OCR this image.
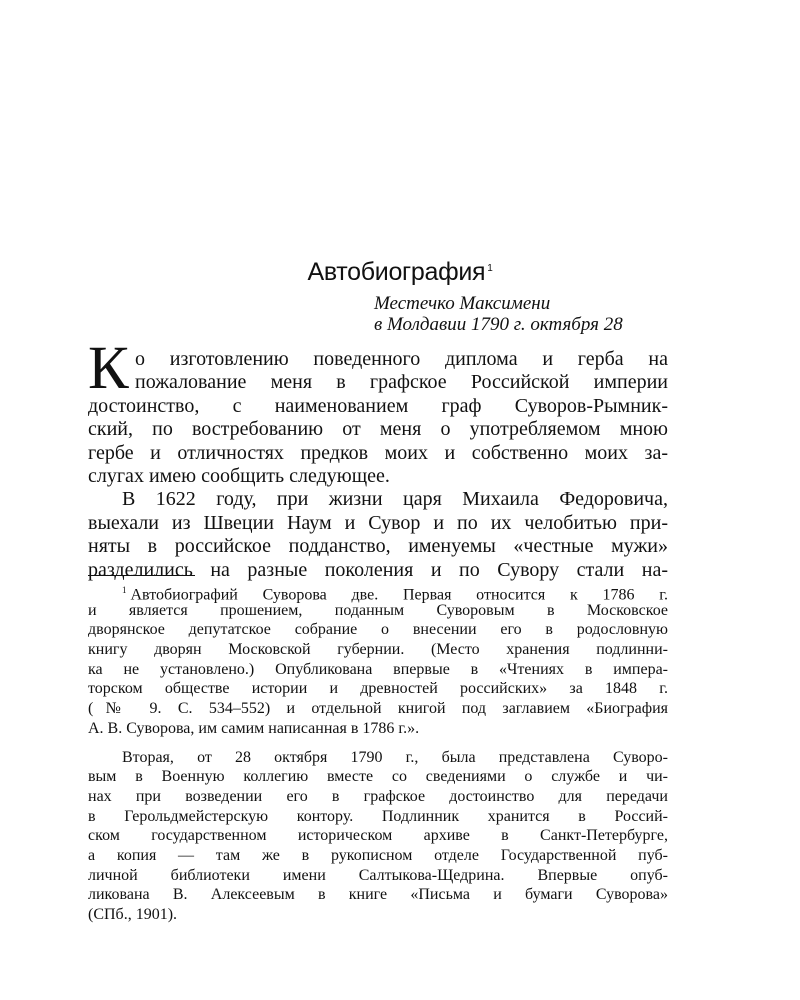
Автобиография $^1$
Местечко Максимени
в Молдавии 1790 г. октября 28
К о изготовлению поведенного диплома и герба на
пожалование меня в графское Российской империи
достоинство, с наименованием граф Суворов-Рымник-
ский, по востребованию от меня о употребляемом мною
гербе и отличностях предков моих и собственно моих за-
слугах имею сообщить следующее.
В 1622 году, при жизни царя Михаила Федоровича,
выехали из Швеции Наум и Сувор и по их челобитью при-
няты в российское подданство, именуемы «честные мужи»
разделились на разные поколения и по Сувору стали на-
$^1$ Автобиографий Суворова две. Первая относится к 1786 г.
и является прошением, поданным Суворовым в Московское
дворянское депутатское собрание о внесении его в родословную
книгу дворян Московской губернии. (Место хранения подлинни-
ка не установлено.) Опубликована впервые в «Чтениях в импера-
торском обществе истории и древностей российских» за 1848 г.
(№ 9. С. 534–552) и отдельной книгой под заглавием «Биография
А. В. Суворова, им самим написанная в 1786 г.».
Вторая, от 28 октября 1790 г., была представлена Суворо-
вым в Военную коллегию вместе со сведениями о службе и чи-
нах при возведении его в графское достоинство для передачи
в Герольдмейстерскую контору. Подлинник хранится в Россий-
ском государственном историческом архиве в Санкт-Петербурге,
а копия — там же в рукописном отделе Государственной пуб-
личной библиотеки имени Салтыкова-Щедрина. Впервые опуб-
ликована В. Алексеевым в книге «Письма и бумаги Суворова»
(СПб., 1901).
